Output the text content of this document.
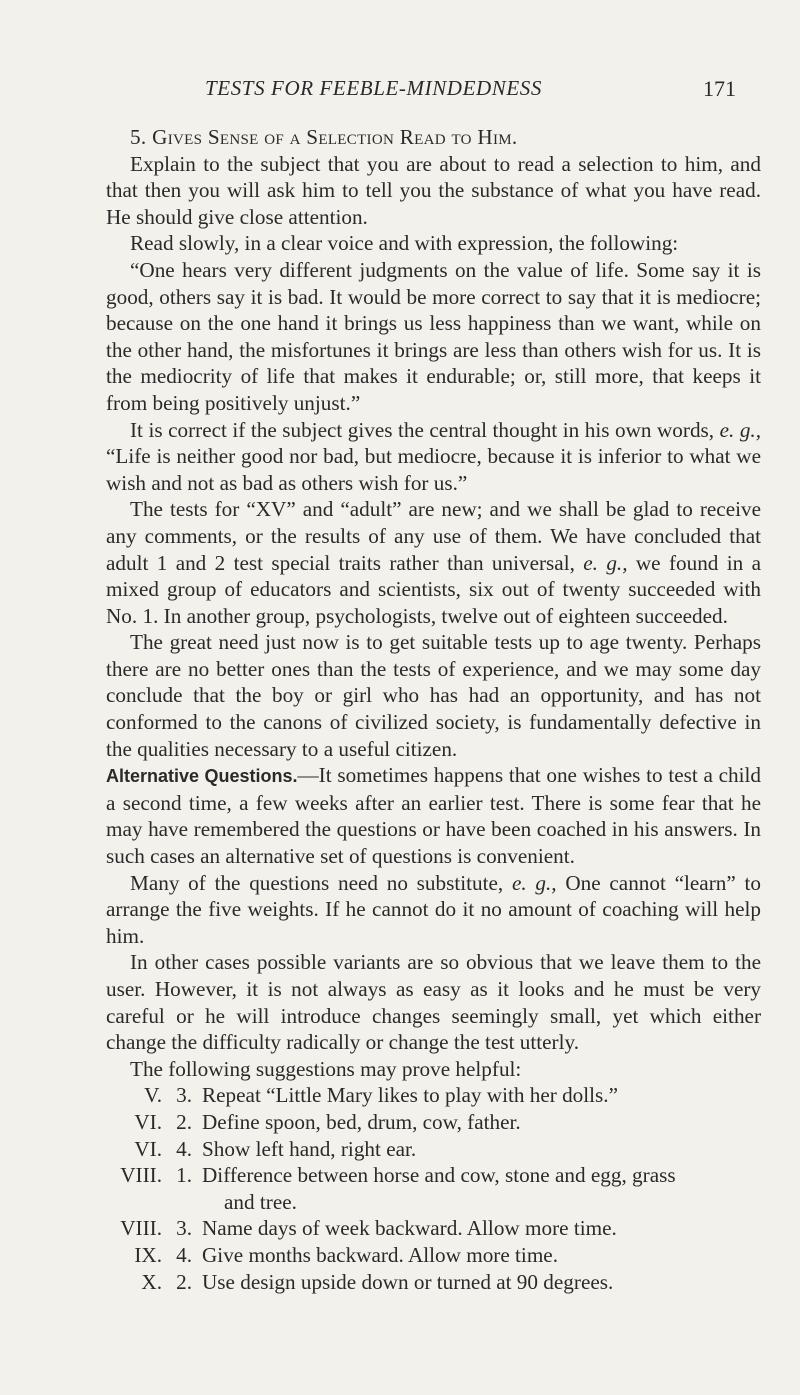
TESTS FOR FEEBLE-MINDEDNESS	171

5. Gives Sense of a Selection Read to Him.

Explain to the subject that you are about to read a selection to him, and that then you will ask him to tell you the substance of what you have read. He should give close attention.

Read slowly, in a clear voice and with expression, the following:

“One hears very different judgments on the value of life. Some say it is good, others say it is bad. It would be more correct to say that it is mediocre; because on the one hand it brings us less happiness than we want, while on the other hand, the misfortunes it brings are less than others wish for us. It is the mediocrity of life that makes it endurable; or, still more, that keeps it from being positively unjust.”

It is correct if the subject gives the central thought in his own words, e. g., “Life is neither good nor bad, but mediocre, because it is inferior to what we wish and not as bad as others wish for us.”

The tests for “XV” and “adult” are new; and we shall be glad to receive any comments, or the results of any use of them. We have concluded that adult 1 and 2 test special traits rather than universal, e. g., we found in a mixed group of educators and scientists, six out of twenty succeeded with No. 1. In another group, psychologists, twelve out of eighteen succeeded.

The great need just now is to get suitable tests up to age twenty. Perhaps there are no better ones than the tests of experience, and we may some day conclude that the boy or girl who has had an opportunity, and has not conformed to the canons of civilized society, is fundamentally defective in the qualities necessary to a useful citizen.

Alternative Questions.—It sometimes happens that one wishes to test a child a second time, a few weeks after an earlier test. There is some fear that he may have remembered the questions or have been coached in his answers. In such cases an alternative set of questions is convenient.

Many of the questions need no substitute, e. g., One cannot “learn” to arrange the five weights. If he cannot do it no amount of coaching will help him.

In other cases possible variants are so obvious that we leave them to the user. However, it is not always as easy as it looks and he must be very careful or he will introduce changes seemingly small, yet which either change the difficulty radically or change the test utterly.

The following suggestions may prove helpful:

V. 3. Repeat “Little Mary likes to play with her dolls.”
VI. 2. Define spoon, bed, drum, cow, father.
VI. 4. Show left hand, right ear.
VIII. 1. Difference between horse and cow, stone and egg, grass
and tree.
VIII. 3. Name days of week backward. Allow more time.
IX. 4. Give months backward. Allow more time.
X. 2. Use design upside down or turned at 90 degrees.
